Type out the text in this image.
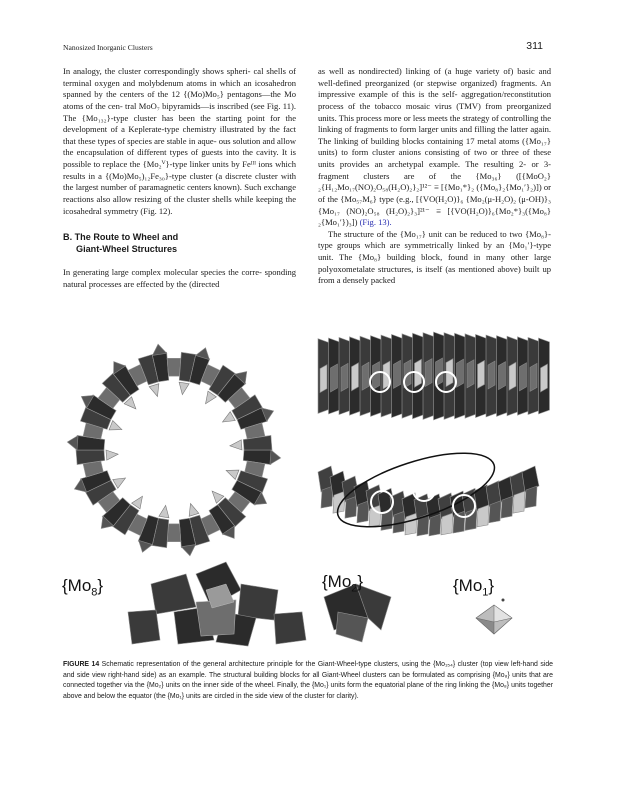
Nanosized Inorganic Clusters	311

In analogy, the cluster correspondingly shows spheri- cal shells of terminal oxygen and molybdenum atoms in which an icosahedron spanned by the centers of the 12 {(Mo)Mo₅} pentagons—the Mo atoms of the cen- tral MoO₇ bipyramids—is inscribed (see Fig. 11). The {Mo₁₃₂}-type cluster has been the starting point for the development of a Keplerate-type chemistry illustrated by the fact that these types of species are stable in aque- ous solution and allow the encapsulation of different types of guests into the cavity. It is possible to replace the {Mo₂ⱽ}-type linker units by Feᴵᴵᴵ ions which results in a {(Mo)Mo₅)₁₂Fe₃₀}-type cluster (a discrete cluster with the largest number of paramagnetic centers known). Such exchange reactions also allow resizing of the cluster shells while keeping the icosahedral symmetry (Fig. 12).

B. The Route to Wheel and
Giant-Wheel Structures

In generating large complex molecular species the corre- sponding natural processes are effected by the (directed

as well as nondirected) linking of (a huge variety of) basic and well-defined preorganized (or stepwise organized) fragments. An impressive example of this is the self- aggregation/reconstitution process of the tobacco mosaic virus (TMV) from preorganized units. This process more or less meets the strategy of controlling the linking of fragments to form larger units and filling the latter again. The linking of building blocks containing 17 metal atoms ({Mo₁₇} units) to form cluster anions consisting of two or three of these units provides an archetypal example. The resulting 2- or 3-fragment clusters are of the {Mo₃₆} ([{MoO₂}₂{H₁₂Mo₁₇(NO)₂O₅₈(H₂O)₂}₂]¹²⁻ ≡ [{Mo₁*}₂ ({Mo₈}₂{Mo₁′}₂)]) or of the {Mo₅₇M₆} type (e.g., [{VO(H₂O)}₆ {Mo₂(μ-H₂O)₂ (μ-OH)}₃ {Mo₁₇ (NO)₂O₅₈ (H₂O)₂}₃]²¹⁻ ≡ [{VO(H₂O)}₆{Mo₂*}₃({Mo₈}₂{Mo₁′})₃]) (Fig. 13).

The structure of the {Mo₁₇} unit can be reduced to two {Mo₈}-type groups which are symmetrically linked by an {Mo₁′}-type unit. The {Mo₈} building block, found in many other large polyoxometalate structures, is itself (as mentioned above) built up from a densely packed

$\{Mo_8\}$	$\{Mo_2\}$	$\{Mo_1\}$
FIGURE 14 Schematic representation of the general architecture principle for the Giant-Wheel-type clusters, using the {Mo₁₅₄} cluster (top view left-hand side and side view right-hand side) as an example. The structural building blocks for all Giant-Wheel clusters can be formulated as comprising {Mo₈} units that are connected together via the {Mo₂} units on the inner side of the wheel. Finally, the {Mo₁} units form the equatorial plane of the ring linking the {Mo₈} units together above and below the equator (the {Mo₁} units are circled in the side view of the cluster for clarity).
